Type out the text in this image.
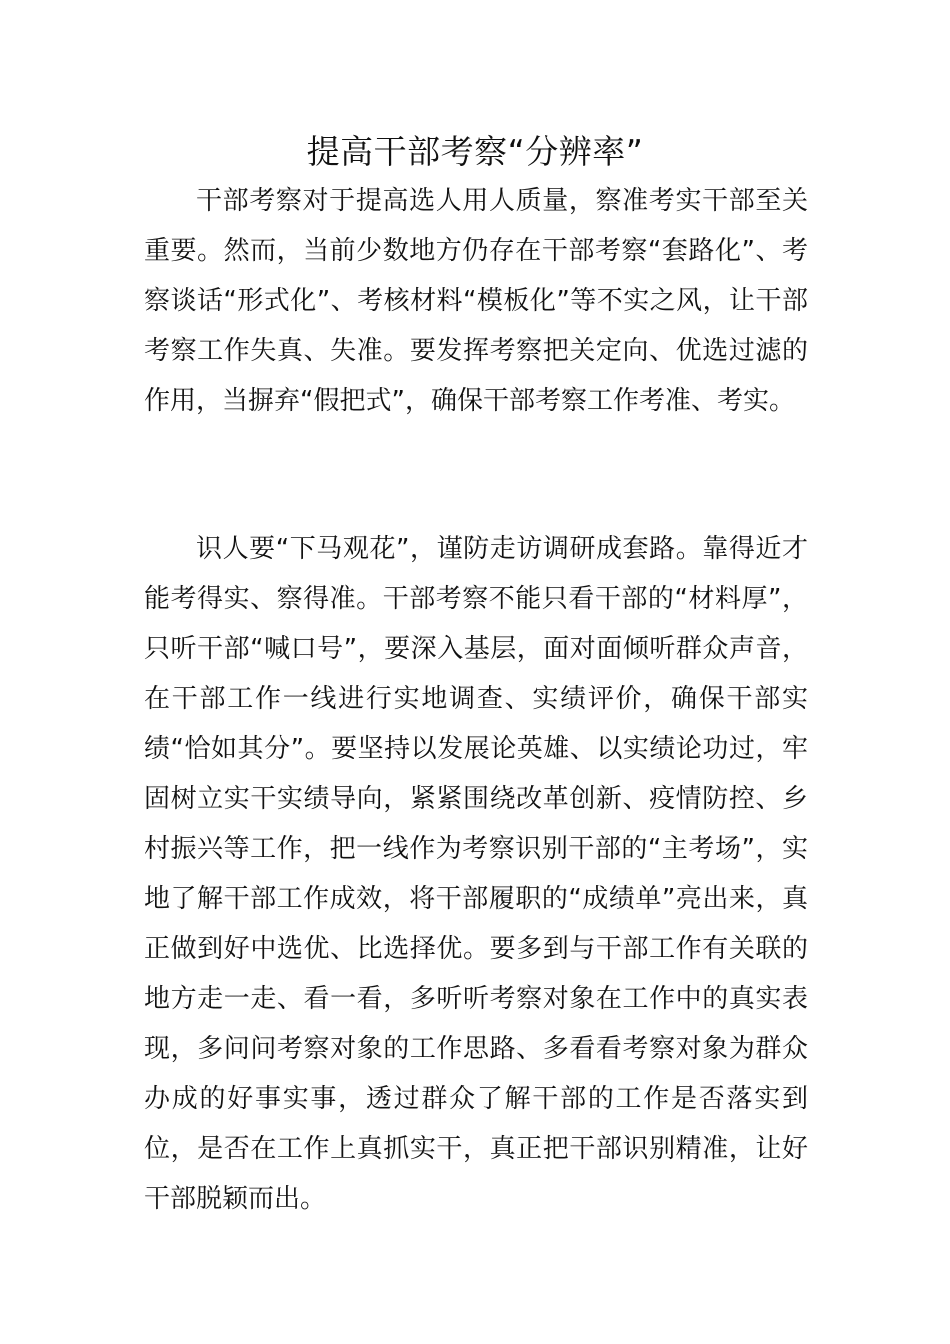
提高干部考察“分辨率”

干部考察对于提高选人用人质量，察准考实干部至关重要。然而，当前少数地方仍存在干部考察“套路化”、考察谈话“形式化”、考核材料“模板化”等不实之风，让干部考察工作失真、失准。要发挥考察把关定向、优选过滤的作用，当摒弃“假把式”，确保干部考察工作考准、考实。

识人要“下马观花”，谨防走访调研成套路。靠得近才能考得实、察得准。干部考察不能只看干部的“材料厚”，只听干部“喊口号”，要深入基层，面对面倾听群众声音，在干部工作一线进行实地调查、实绩评价，确保干部实绩“恰如其分”。要坚持以发展论英雄、以实绩论功过，牢固树立实干实绩导向，紧紧围绕改革创新、疫情防控、乡村振兴等工作，把一线作为考察识别干部的“主考场”，实地了解干部工作成效，将干部履职的“成绩单”亮出来，真正做到好中选优、比选择优。要多到与干部工作有关联的地方走一走、看一看，多听听考察对象在工作中的真实表现，多问问考察对象的工作思路、多看看考察对象为群众办成的好事实事，透过群众了解干部的工作是否落实到位，是否在工作上真抓实干，真正把干部识别精准，让好干部脱颖而出。
